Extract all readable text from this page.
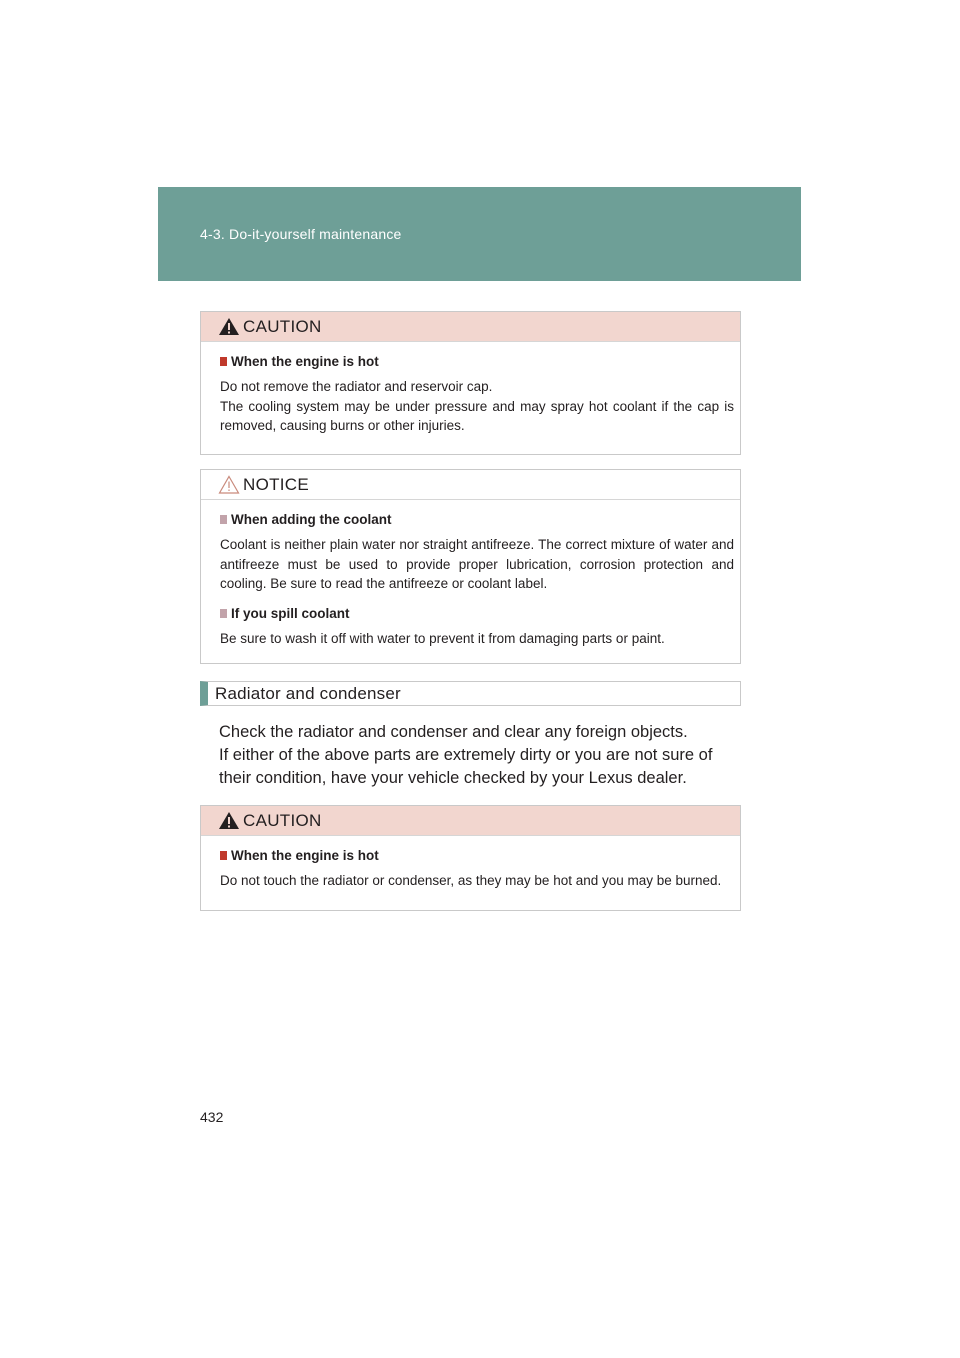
4-3. Do-it-yourself maintenance
CAUTION
When the engine is hot

Do not remove the radiator and reservoir cap.

The cooling system may be under pressure and may spray hot coolant if the cap is removed, causing burns or other injuries.

NOTICE
When adding the coolant

Coolant is neither plain water nor straight antifreeze. The correct mixture of water and antifreeze must be used to provide proper lubrication, corrosion protection and cooling. Be sure to read the antifreeze or coolant label.

If you spill coolant

Be sure to wash it off with water to prevent it from damaging parts or paint.

Radiator and condenser

Check the radiator and condenser and clear any foreign objects.

If either of the above parts are extremely dirty or you are not sure of their condition, have your vehicle checked by your Lexus dealer.

CAUTION
When the engine is hot

Do not touch the radiator or condenser, as they may be hot and you may be burned.

432
